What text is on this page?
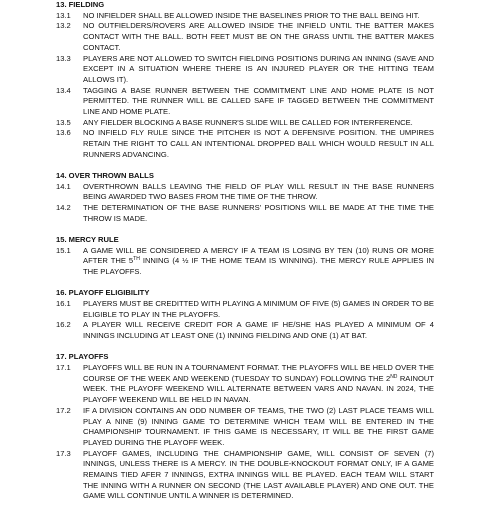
13. FIELDING
13.1 NO INFIELDER SHALL BE ALLOWED INSIDE THE BASELINES PRIOR TO THE BALL BEING HIT.
13.2 NO OUTFIELDERS/ROVERS ARE ALLOWED INSIDE THE INFIELD UNTIL THE BATTER MAKES CONTACT WITH THE BALL. BOTH FEET MUST BE ON THE GRASS UNTIL THE BATTER MAKES CONTACT.
13.3 PLAYERS ARE NOT ALLOWED TO SWITCH FIELDING POSITIONS DURING AN INNING (SAVE AND EXCEPT IN A SITUATION WHERE THERE IS AN INJURED PLAYER OR THE HITTING TEAM ALLOWS IT).
13.4 TAGGING A BASE RUNNER BETWEEN THE COMMITMENT LINE AND HOME PLATE IS NOT PERMITTED. THE RUNNER WILL BE CALLED SAFE IF TAGGED BETWEEN THE COMMITMENT LINE AND HOME PLATE.
13.5 ANY FIELDER BLOCKING A BASE RUNNER'S SLIDE WILL BE CALLED FOR INTERFERENCE.
13.6 NO INFIELD FLY RULE SINCE THE PITCHER IS NOT A DEFENSIVE POSITION. THE UMPIRES RETAIN THE RIGHT TO CALL AN INTENTIONAL DROPPED BALL WHICH WOULD RESULT IN ALL RUNNERS ADVANCING.
14. OVER THROWN BALLS
14.1 OVERTHROWN BALLS LEAVING THE FIELD OF PLAY WILL RESULT IN THE BASE RUNNERS BEING AWARDED TWO BASES FROM THE TIME OF THE THROW.
14.2 THE DETERMINATION OF THE BASE RUNNERS' POSITIONS WILL BE MADE AT THE TIME THE THROW IS MADE.
15. MERCY RULE
15.1 A GAME WILL BE CONSIDERED A MERCY IF A TEAM IS LOSING BY TEN (10) RUNS OR MORE AFTER THE 5TH INNING (4 ½ IF THE HOME TEAM IS WINNING). THE MERCY RULE APPLIES IN THE PLAYOFFS.
16. PLAYOFF ELIGIBILITY
16.1 PLAYERS MUST BE CREDITTED WITH PLAYING A MINIMUM OF FIVE (5) GAMES IN ORDER TO BE ELIGIBLE TO PLAY IN THE PLAYOFFS.
16.2 A PLAYER WILL RECEIVE CREDIT FOR A GAME IF HE/SHE HAS PLAYED A MINIMUM OF 4 INNINGS INCLUDING AT LEAST ONE (1) INNING FIELDING AND ONE (1) AT BAT.
17. PLAYOFFS
17.1 PLAYOFFS WILL BE RUN IN A TOURNAMENT FORMAT. THE PLAYOFFS WILL BE HELD OVER THE COURSE OF THE WEEK AND WEEKEND (TUESDAY TO SUNDAY) FOLLOWING THE 2ND RAINOUT WEEK. THE PLAYOFF WEEKEND WILL ALTERNATE BETWEEN VARS AND NAVAN. IN 2024, THE PLAYOFF WEEKEND WILL BE HELD IN NAVAN.
17.2 IF A DIVISION CONTAINS AN ODD NUMBER OF TEAMS, THE TWO (2) LAST PLACE TEAMS WILL PLAY A NINE (9) INNING GAME TO DETERMINE WHICH TEAM WILL BE ENTERED IN THE CHAMPIONSHIP TOURNAMENT. IF THIS GAME IS NECESSARY, IT WILL BE THE FIRST GAME PLAYED DURING THE PLAYOFF WEEK.
17.3 PLAYOFF GAMES, INCLUDING THE CHAMPIONSHIP GAME, WILL CONSIST OF SEVEN (7) INNINGS, UNLESS THERE IS A MERCY. IN THE DOUBLE-KNOCKOUT FORMAT ONLY, IF A GAME REMAINS TIED AFER 7 INNINGS, EXTRA INNINGS WILL BE PLAYED. EACH TEAM WILL START THE INNING WITH A RUNNER ON SECOND (THE LAST AVAILABLE PLAYER) AND ONE OUT. THE GAME WILL CONTINUE UNTIL A WINNER IS DETERMINED.
